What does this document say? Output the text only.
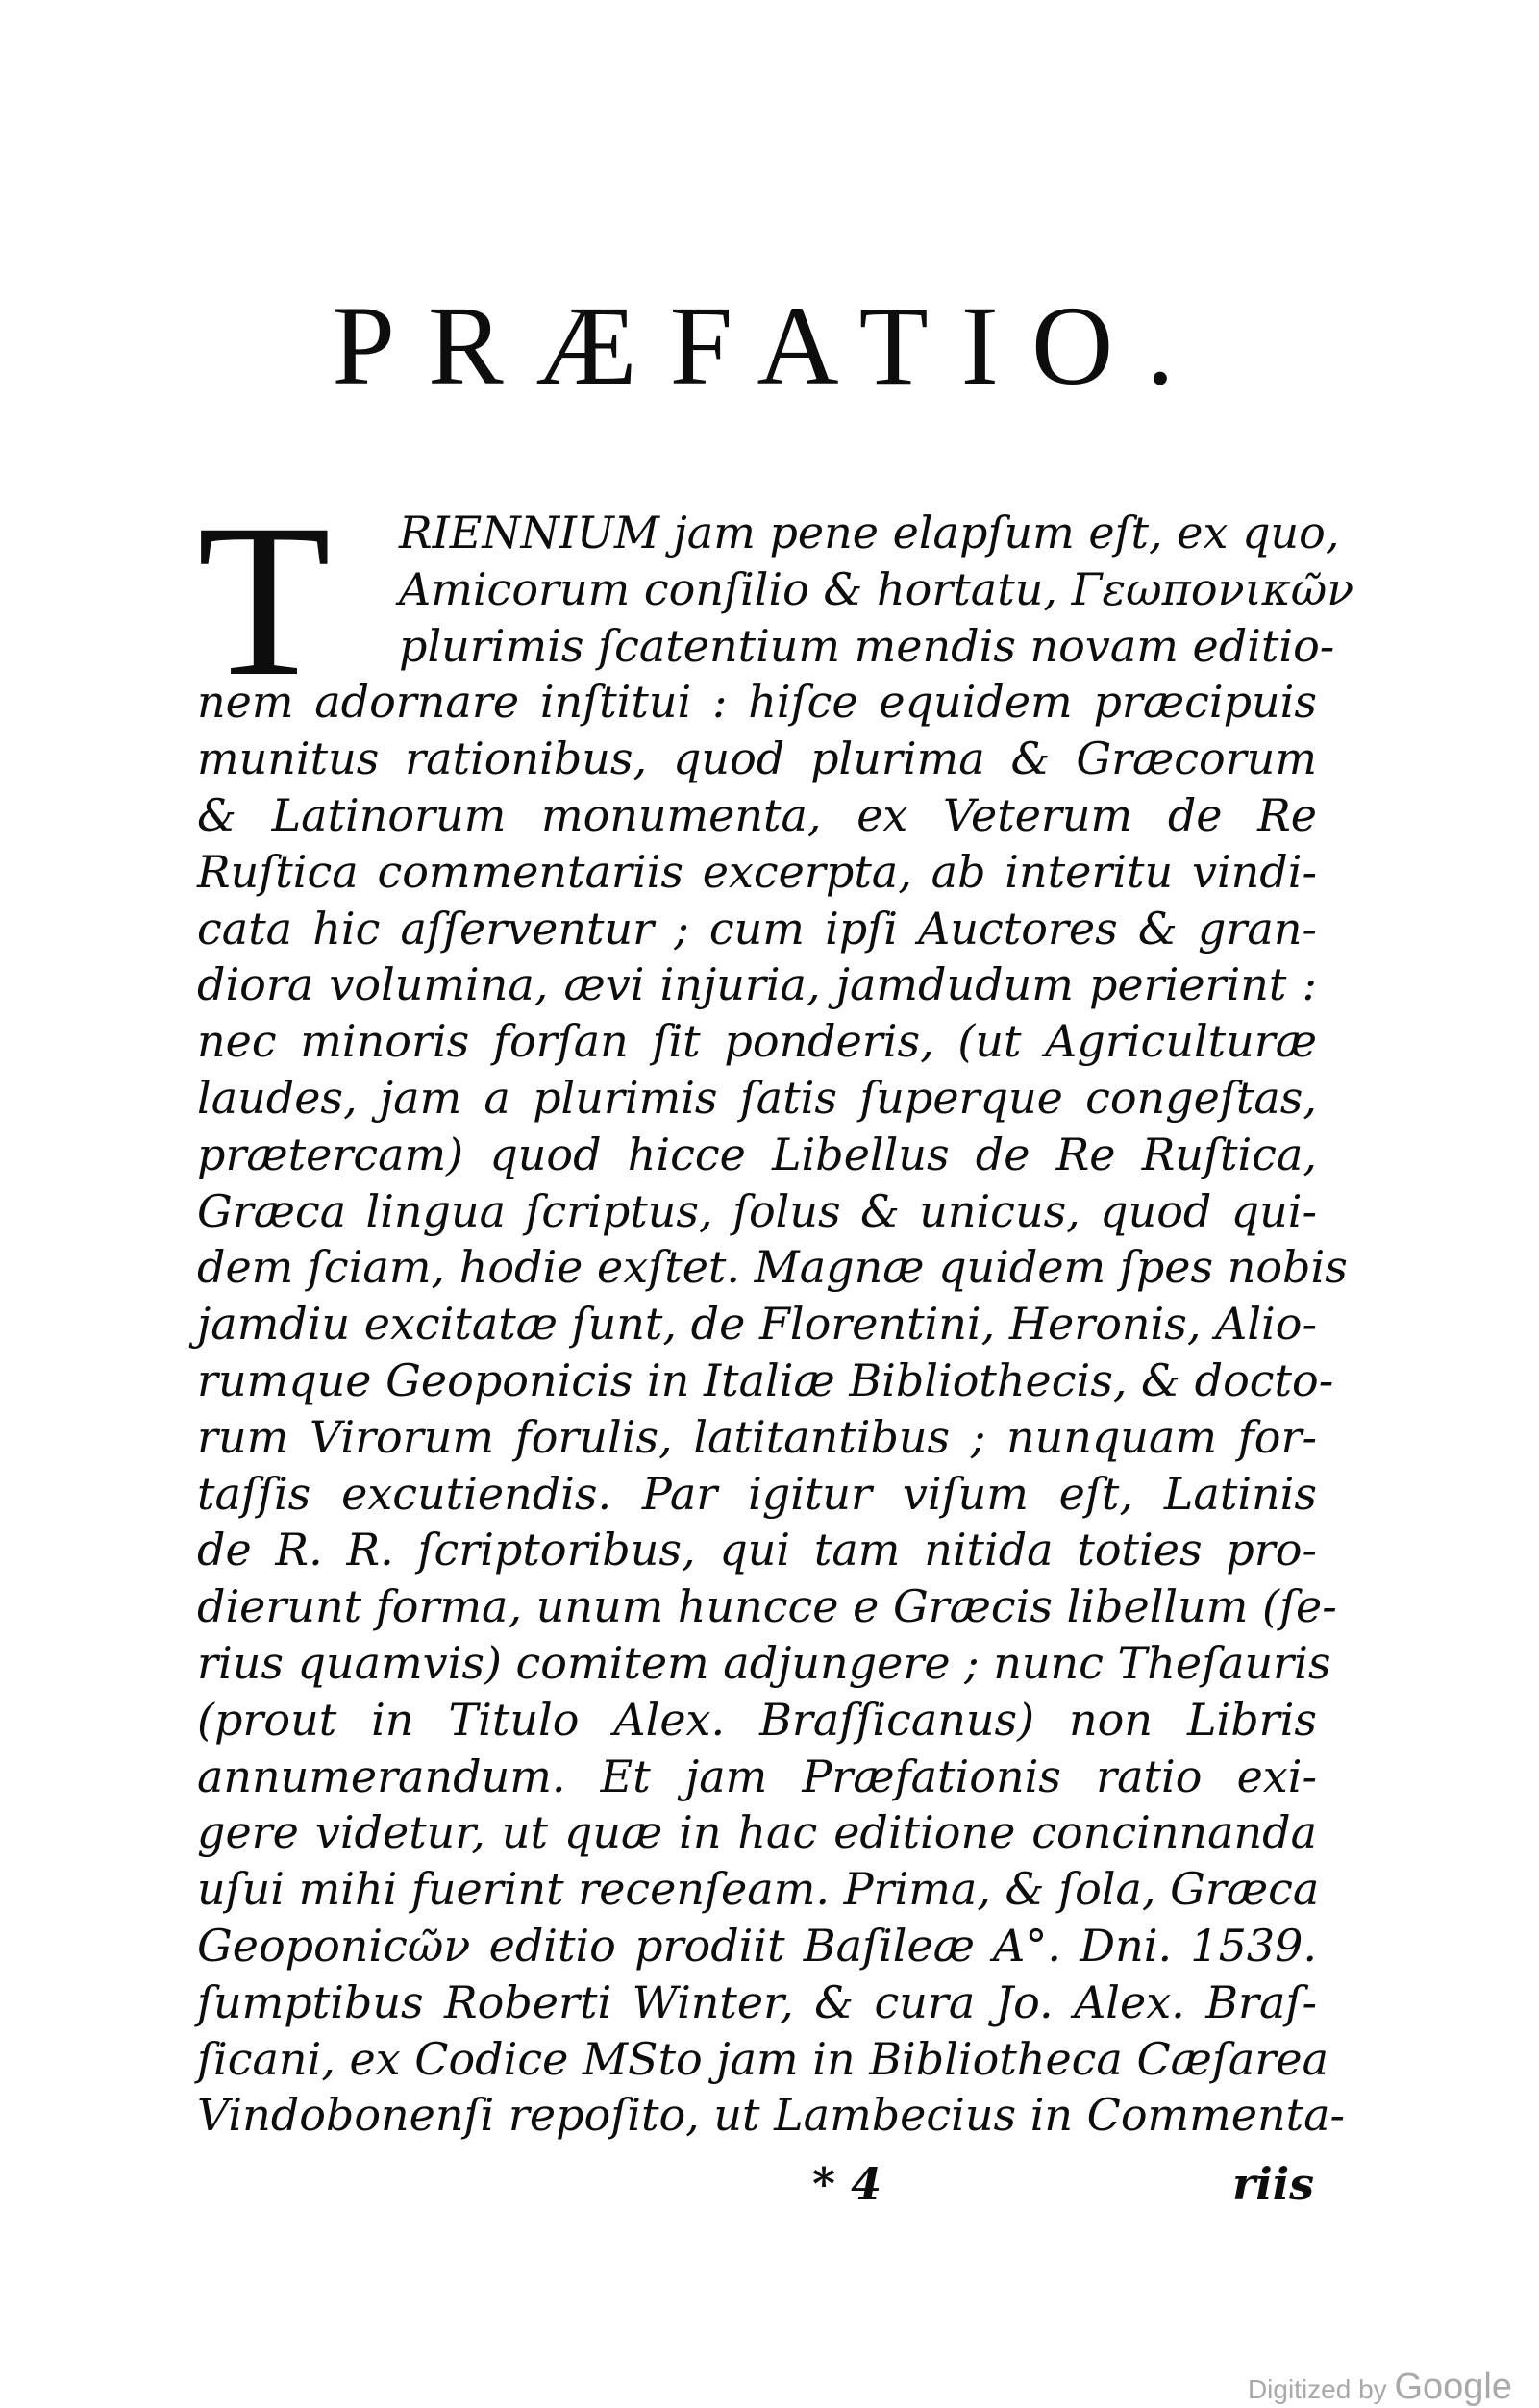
PRÆFATIO.
T	RIENNIUM jam pene elapſum eſt, ex quo,
Amicorum conſilio & hortatu, Γεωπονικῶν
plurimis ſcatentium mendis novam editio-
nem adornare inſtitui : hiſce equidem præcipuis
munitus rationibus, quod plurima & Græcorum
& Latinorum monumenta, ex Veterum de Re
Ruſtica commentariis excerpta, ab interitu vindi-
cata hic aſſerventur ; cum ipſi Auctores & gran-
diora volumina, ævi injuria, jamdudum perierint :
nec minoris forſan ſit ponderis, (ut Agriculturæ
laudes, jam a plurimis ſatis ſuperque congeſtas,
prætercam) quod hicce Libellus de Re Ruſtica,
Græca lingua ſcriptus, ſolus & unicus, quod qui-
dem ſciam, hodie exſtet. Magnæ quidem ſpes nobis
jamdiu excitatæ ſunt, de Florentini, Heronis, Alio-
rumque Geoponicis in Italiæ Bibliothecis, & docto-
rum Virorum forulis, latitantibus ; nunquam for-
taſſis excutiendis. Par igitur viſum eſt, Latinis
de R. R. ſcriptoribus, qui tam nitida toties pro-
dierunt forma, unum huncce e Græcis libellum (ſe-
rius quamvis) comitem adjungere ; nunc Theſauris
(prout in Titulo Alex. Braſſicanus) non Libris
annumerandum. Et jam Præfationis ratio exi-
gere videtur, ut quæ in hac editione concinnanda
uſui mihi fuerint recenſeam. Prima, & ſola, Græca
Geoponicῶν editio prodiit Baſileæ A°. Dni. 1539.
ſumptibus Roberti Winter, & cura Jo. Alex. Braſ-
ſicani, ex Codice MSto jam in Bibliotheca Cæſarea
Vindobonenſi repoſito, ut Lambecius in Commenta-
* 4	riis
Digitized by Google
